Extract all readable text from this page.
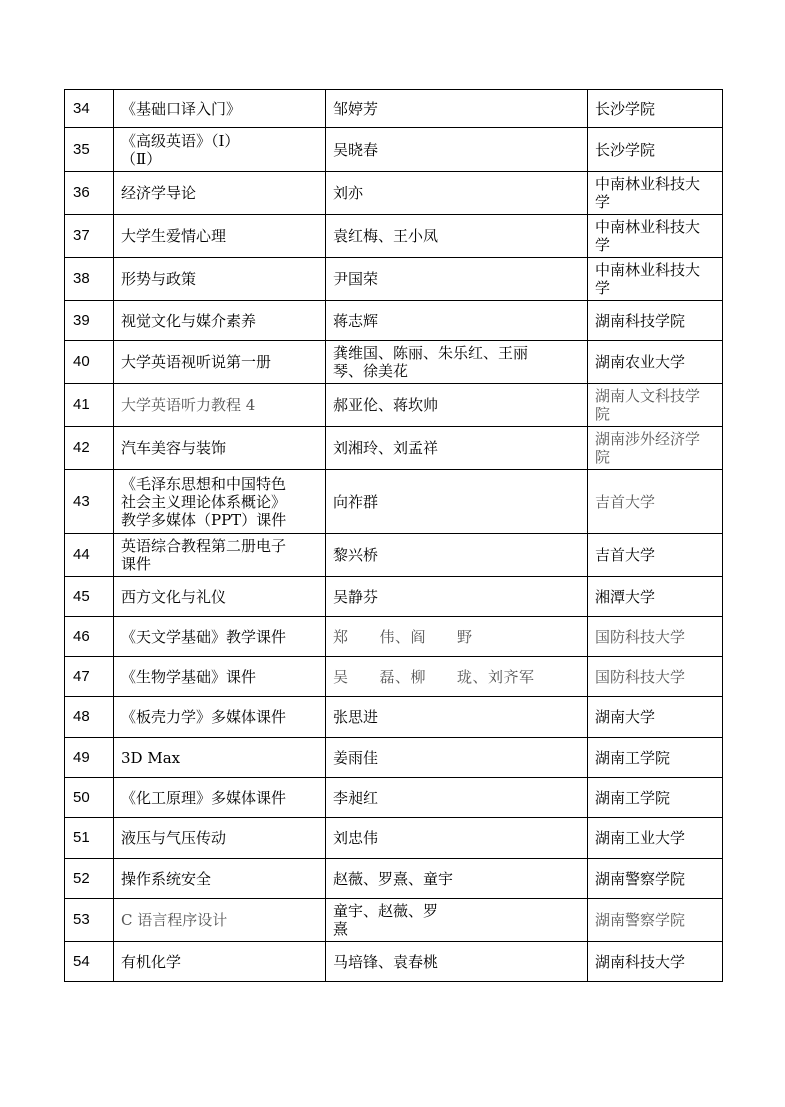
34	《基础口译入门》	邹婷芳	长沙学院
35	《高级英语》（Ⅰ）
（Ⅱ）	吴晓春	长沙学院
36	经济学导论	刘亦	中南林业科技大
学
37	大学生爱情心理	袁红梅、王小凤	中南林业科技大
学
38	形势与政策	尹国荣	中南林业科技大
学
39	视觉文化与媒介素养	蒋志辉	湖南科技学院
40	大学英语视听说第一册	龚维国、陈丽、朱乐红、王丽
琴、徐美花	湖南农业大学
41	大学英语听力教程 4	郝亚伦、蒋坎帅	湖南人文科技学
院
42	汽车美容与装饰	刘湘玲、刘孟祥	湖南涉外经济学
院
43	《毛泽东思想和中国特色
社会主义理论体系概论》
教学多媒体（PPT）课件	向祚群	吉首大学
44	英语综合教程第二册电子
课件	黎兴桥	吉首大学
45	西方文化与礼仪	吴静芬	湘潭大学
46	《天文学基础》教学课件	郑　　伟、阎　　野	国防科技大学
47	《生物学基础》课件	吴　　磊、柳　　珑、刘齐军	国防科技大学
48	《板壳力学》多媒体课件	张思进	湖南大学
49	3D Max	姜雨佳	湖南工学院
50	《化工原理》多媒体课件	李昶红	湖南工学院
51	液压与气压传动	刘忠伟	湖南工业大学
52	操作系统安全	赵薇、罗熹、童宇	湖南警察学院
53	C 语言程序设计	童宇、赵薇、罗
熹	湖南警察学院
54	有机化学	马培锋、袁春桃	湖南科技大学
